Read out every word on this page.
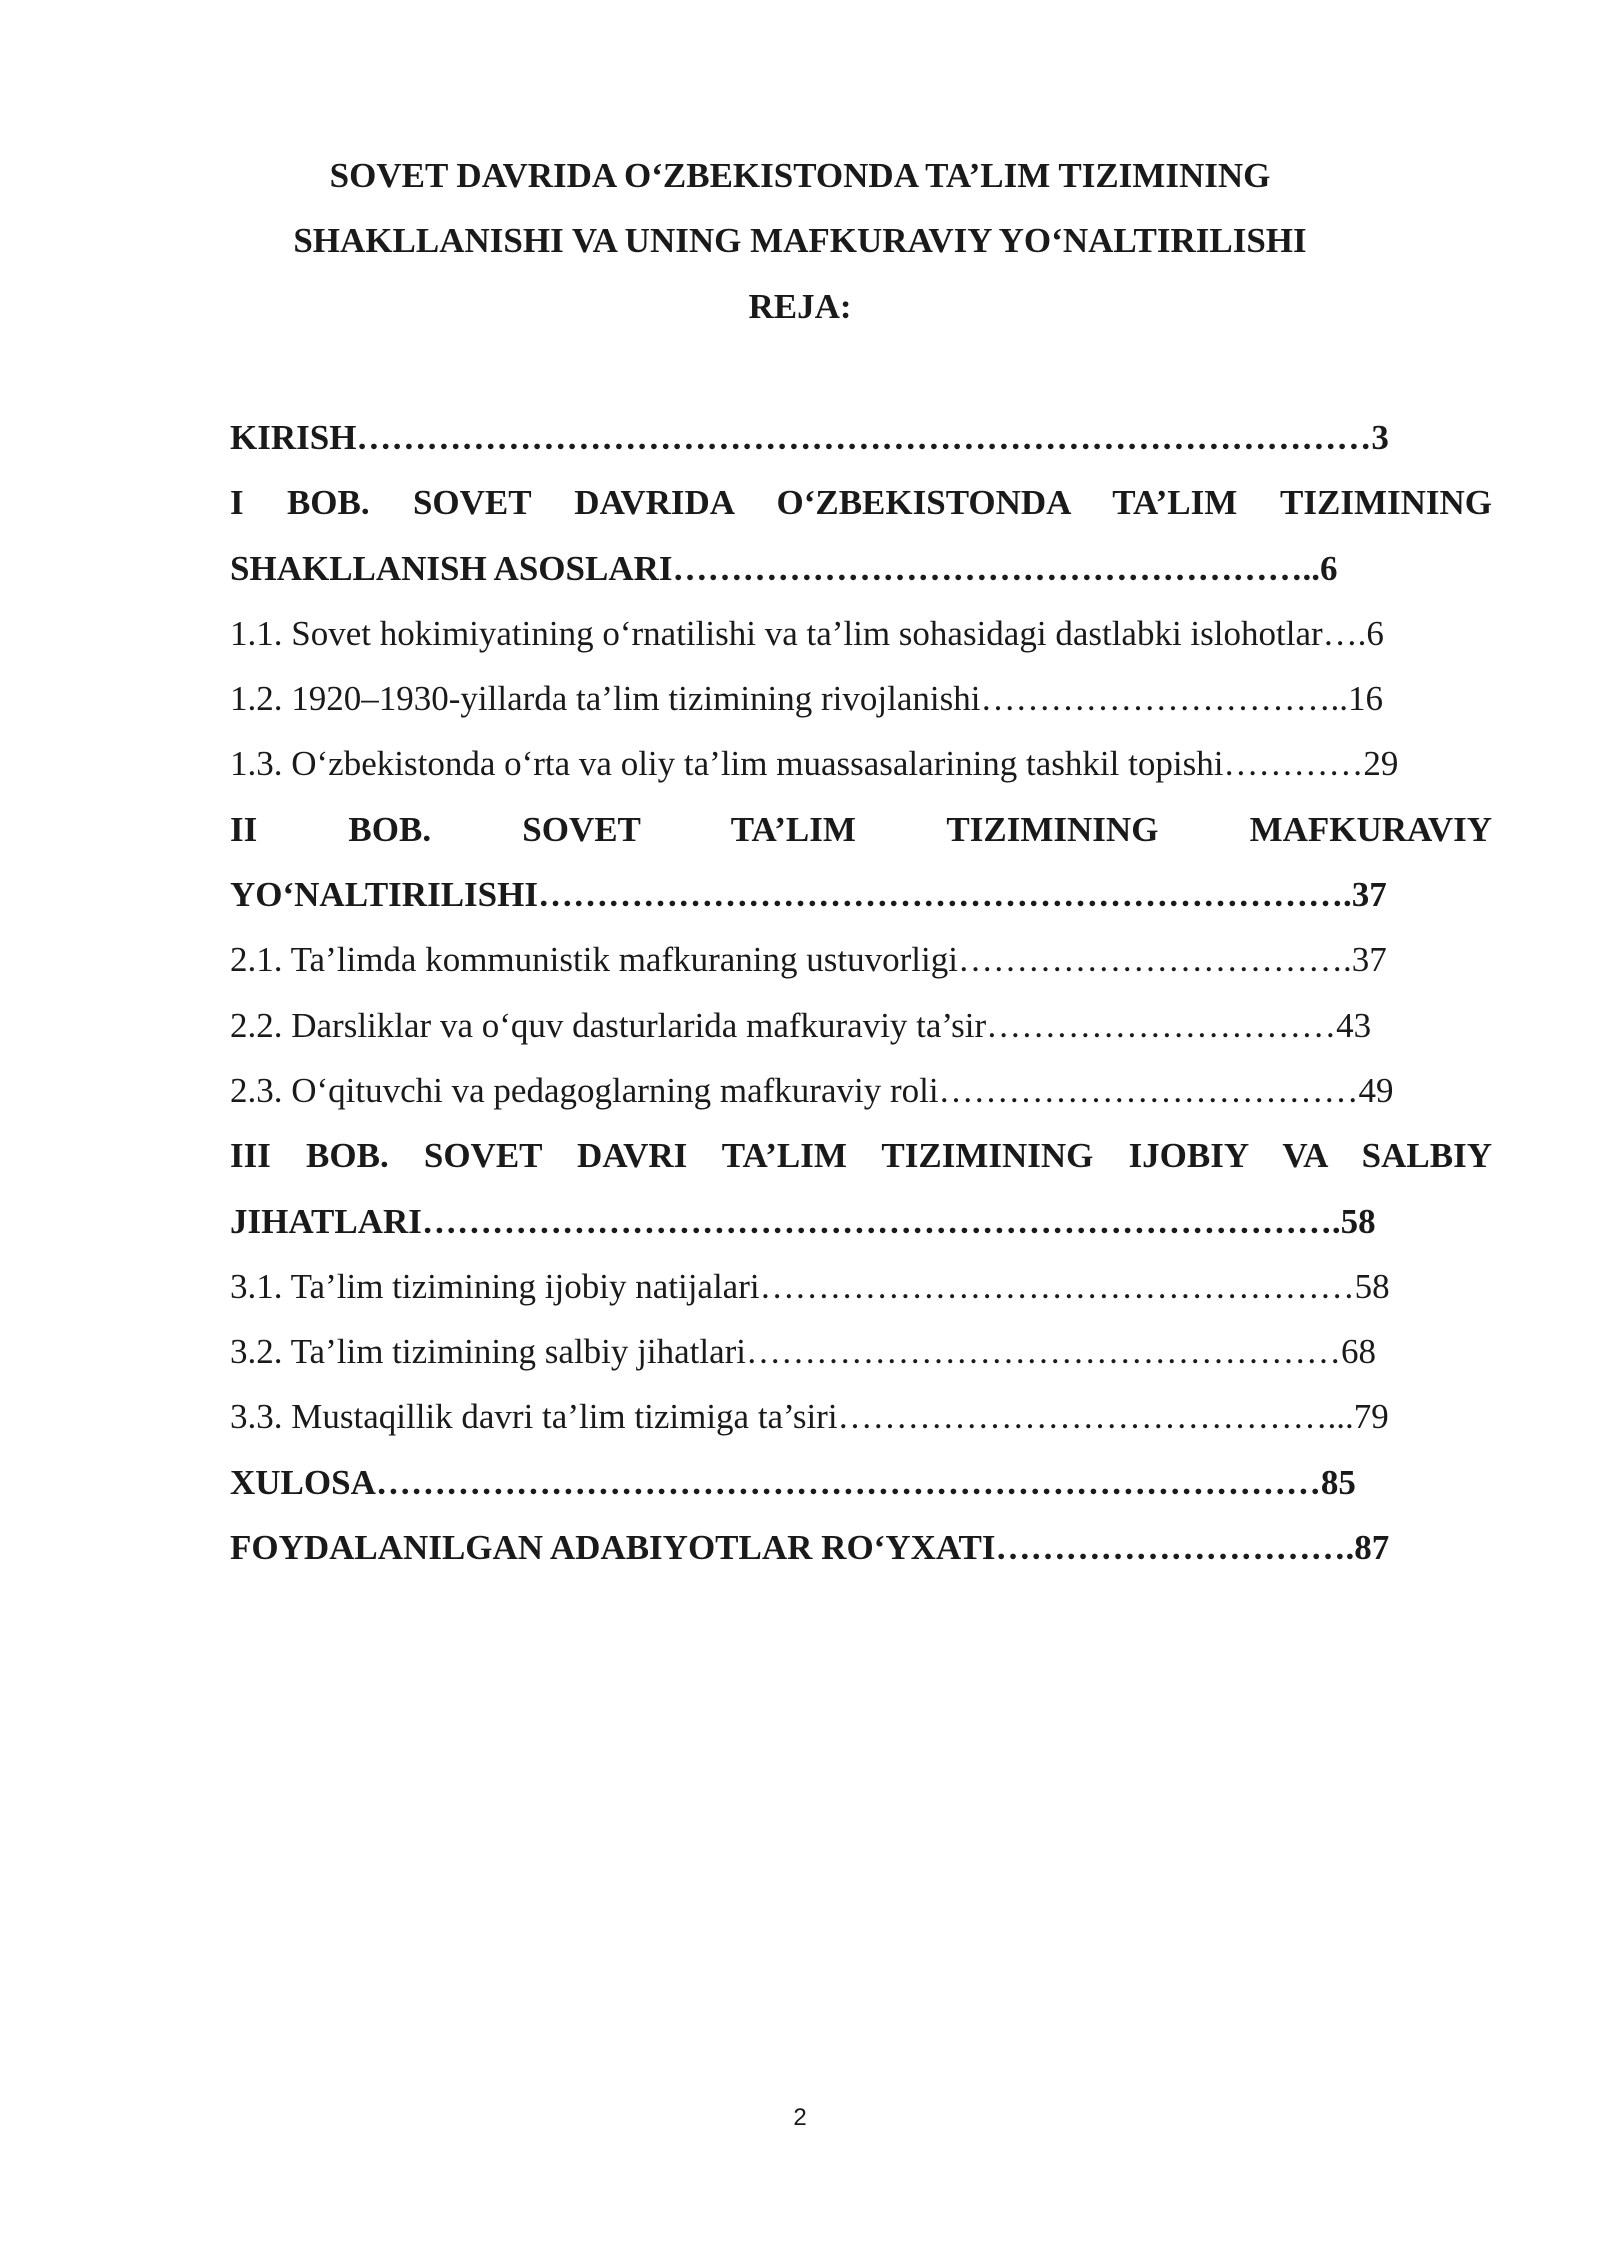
SOVET DAVRIDA O‘ZBEKISTONDA TA’LIM TIZIMINING
SHAKLLANISHI VA UNING MAFKURAVIY YO‘NALTIRILISHI
REJA:
KIRISH……………………………………………………………………………3
I BOB. SOVET DAVRIDA O‘ZBEKISTONDA TA’LIM TIZIMINING
SHAKLLANISH ASOSLARI………………………………………………..6
1.1. Sovet hokimiyatining o‘rnatilishi va ta’lim sohasidagi dastlabki islohotlar….6
1.2. 1920–1930-yillarda ta’lim tizimining rivojlanishi…………………………..16
1.3. O‘zbekistonda o‘rta va oliy ta’lim muassasalarining tashkil topishi…………29
II BOB. SOVET TA’LIM TIZIMINING MAFKURAVIY
YO‘NALTIRILISHI…………………………………………………………….37
2.1. Ta’limda kommunistik mafkuraning ustuvorligi…………………………….37
2.2. Darsliklar va o‘quv dasturlarida mafkuraviy ta’sir…………………………43
2.3. O‘qituvchi va pedagoglarning mafkuraviy roli………………………………49
III BOB. SOVET DAVRI TA’LIM TIZIMINING IJOBIY VA SALBIY
JIHATLARI…………………………………………………………………….58
3.1. Ta’lim tizimining ijobiy natijalari……………………………………………58
3.2. Ta’lim tizimining salbiy jihatlari……………………………………………68
3.3. Mustaqillik davri ta’lim tizimiga ta’siri……………………………………...79
XULOSA………………………………………………………………………85
FOYDALANILGAN ADABIYOTLAR RO‘YXATI………………………….87
2
